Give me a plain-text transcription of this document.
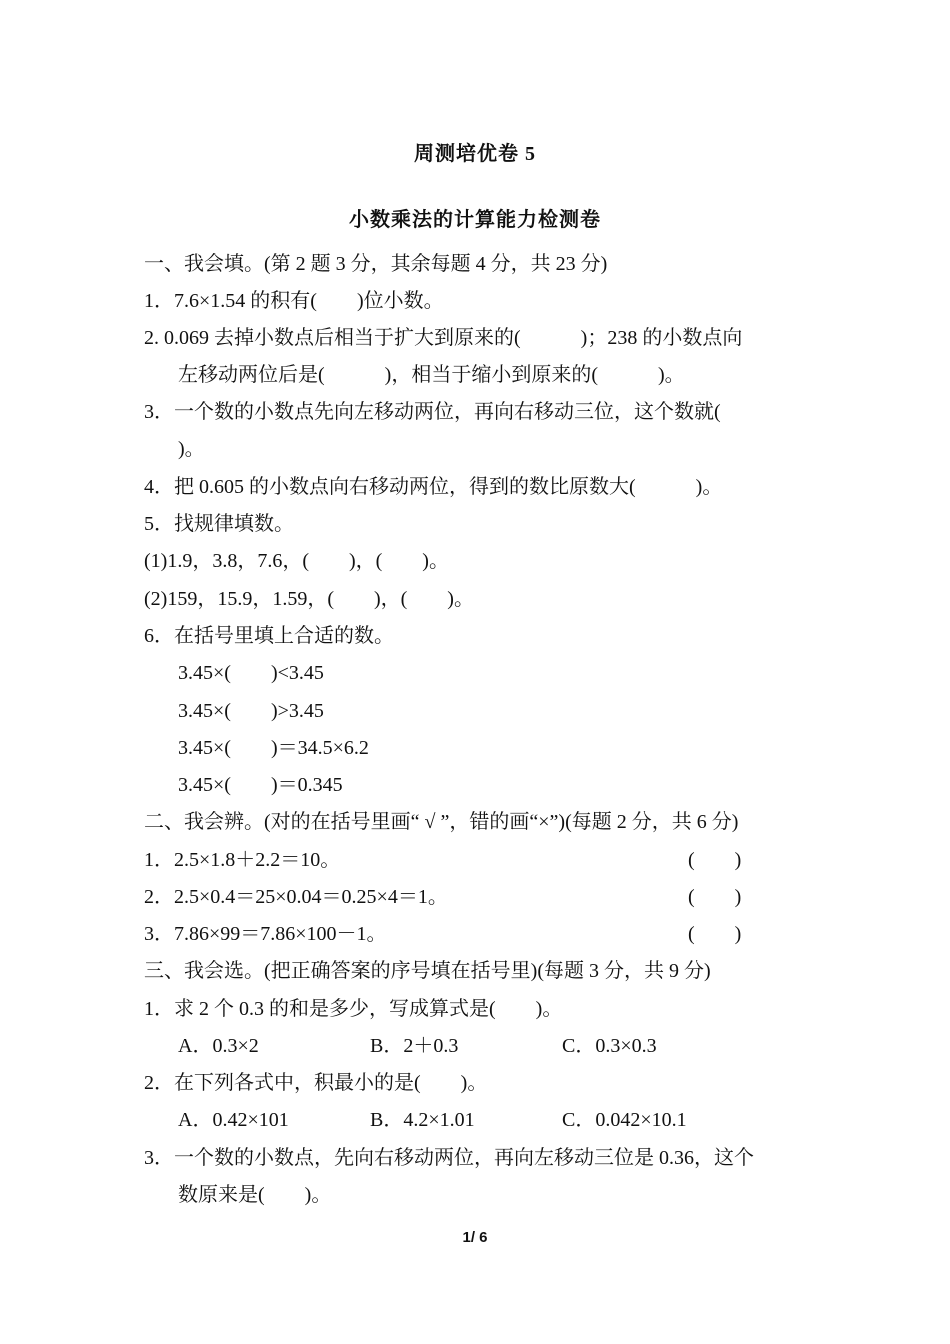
周测培优卷 5
小数乘法的计算能力检测卷
一、我会填。(第 2 题 3 分，其余每题 4 分，共 23 分)
1．7.6×1.54 的积有(　　)位小数。
2. 0.069 去掉小数点后相当于扩大到原来的(　　　)；238 的小数点向
左移动两位后是(　　　)，相当于缩小到原来的(　　　)。
3．一个数的小数点先向左移动两位，再向右移动三位，这个数就(
)。
4．把 0.605 的小数点向右移动两位，得到的数比原数大(　　　)。
5．找规律填数。
(1)1.9，3.8，7.6，(　　)，(　　)。
(2)159，15.9，1.59，(　　)，(　　)。
6．在括号里填上合适的数。
3.45×(　　)<3.45
3.45×(　　)>3.45
3.45×(　　)＝34.5×6.2
3.45×(　　)＝0.345
二、我会辨。(对的在括号里画“ √ ”，错的画“×”)(每题 2 分，共 6 分)
1．2.5×1.8＋2.2＝10。	(　　)
2．2.5×0.4＝25×0.04＝0.25×4＝1。	(　　)
3．7.86×99＝7.86×100－1。	(　　)
三、我会选。(把正确答案的序号填在括号里)(每题 3 分，共 9 分)
1．求 2 个 0.3 的和是多少，写成算式是(　　)。
A．0.3×2	B．2＋0.3	C．0.3×0.3
2．在下列各式中，积最小的是(　　)。
A．0.42×101	B．4.2×1.01	C．0.042×10.1
3．一个数的小数点，先向右移动两位，再向左移动三位是 0.36，这个
数原来是(　　)。
1/ 6
